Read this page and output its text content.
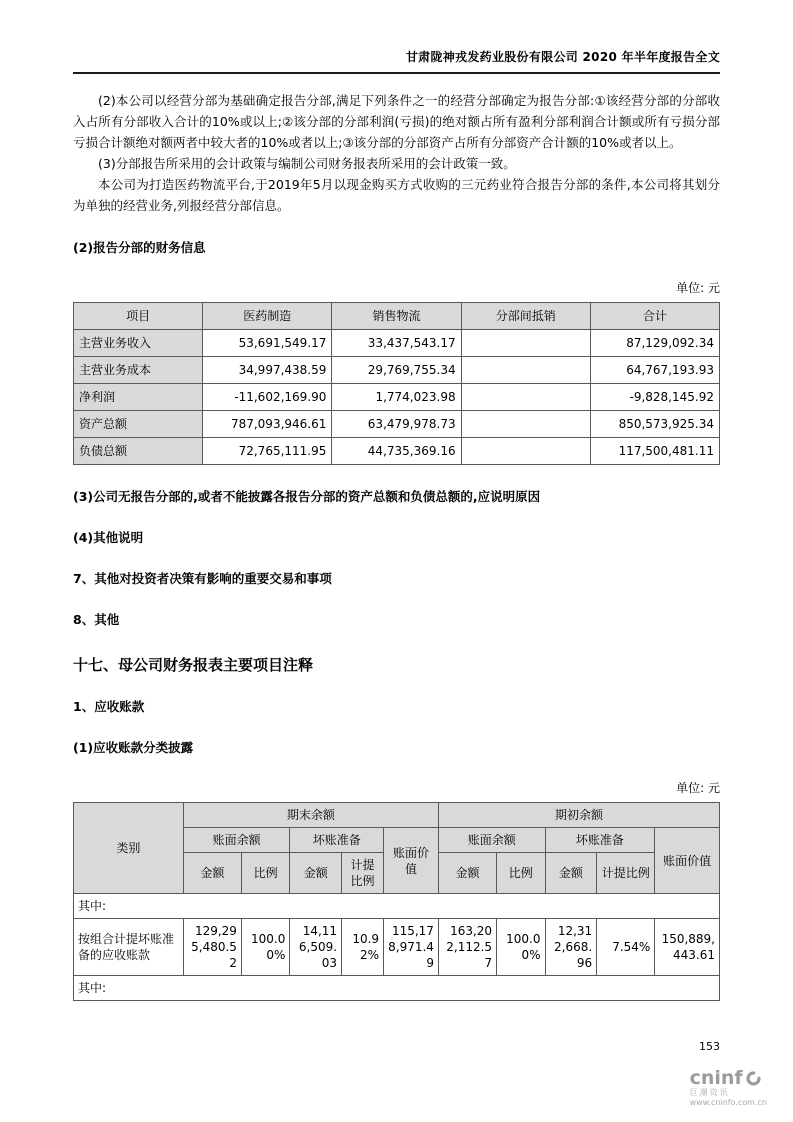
甘肃陇神戎发药业股份有限公司 2020 年半年度报告全文

(2)本公司以经营分部为基础确定报告分部,满足下列条件之一的经营分部确定为报告分部:①该经营分部的分部收入占所有分部收入合计的10%或以上;②该分部的分部利润(亏损)的绝对额占所有盈利分部利润合计额或所有亏损分部亏损合计额绝对额两者中较大者的10%或者以上;③该分部的分部资产占所有分部资产合计额的10%或者以上。

(3)分部报告所采用的会计政策与编制公司财务报表所采用的会计政策一致。

本公司为打造医药物流平台,于2019年5月以现金购买方式收购的三元药业符合报告分部的条件,本公司将其划分为单独的经营业务,列报经营分部信息。

(2)报告分部的财务信息
单位: 元
项目	医药制造	销售物流	分部间抵销	合计
主营业务收入	53,691,549.17	33,437,543.17		87,129,092.34
主营业务成本	34,997,438.59	29,769,755.34		64,767,193.93
净利润	-11,602,169.90	1,774,023.98		-9,828,145.92
资产总额	787,093,946.61	63,479,978.73		850,573,925.34
负债总额	72,765,111.95	44,735,369.16		117,500,481.11
(3)公司无报告分部的,或者不能披露各报告分部的资产总额和负债总额的,应说明原因
(4)其他说明
7、其他对投资者决策有影响的重要交易和事项
8、其他
十七、母公司财务报表主要项目注释
1、应收账款
(1)应收账款分类披露
单位: 元
类别	期末余额					期初余额				
	账面余额		坏账准备		账面价值	账面余额		坏账准备		账面价值
	金额	比例	金额	计提比例		金额	比例	金额	计提比例	
其中:										
按组合计提坏账准备的应收账款	129,295,480.52	100.00%	14,116,509.03	10.92%	115,178,971.49	163,202,112.57	100.00%	12,312,668.96	7.54%	150,889,443.61
其中:										
153
cninf
巨潮资讯
www.cninfo.com.cn
